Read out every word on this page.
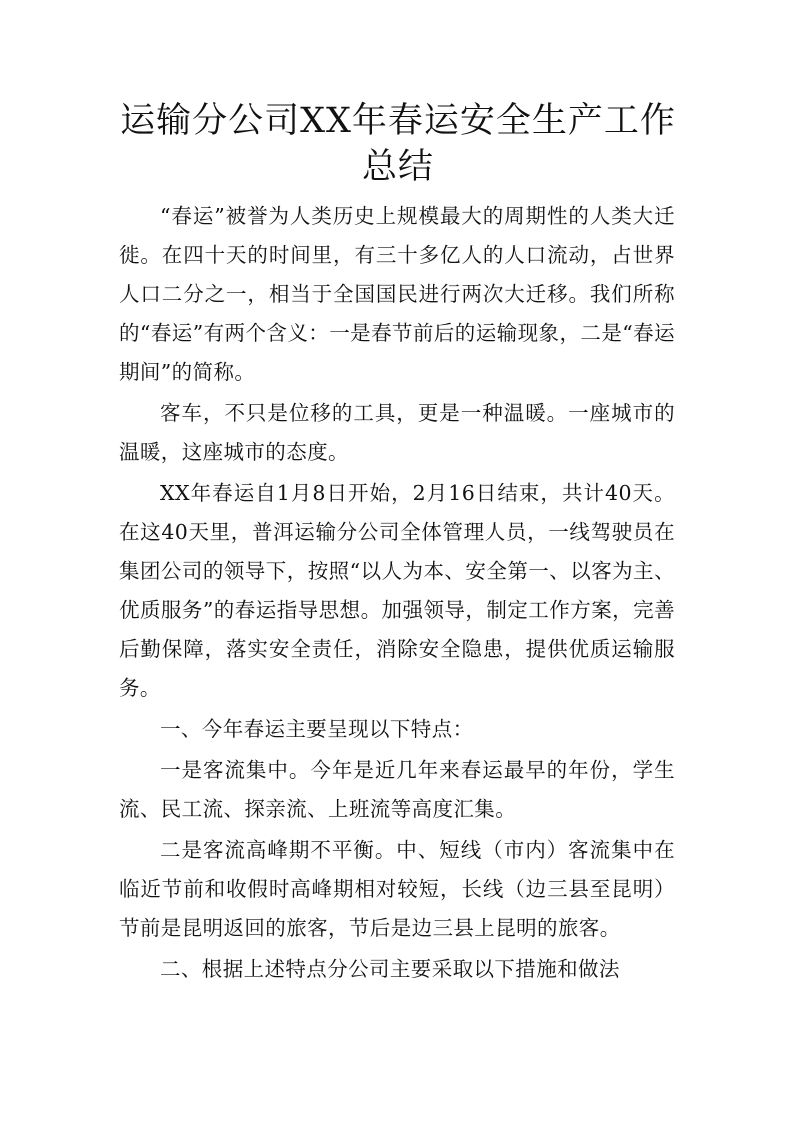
运输分公司XX年春运安全生产工作总结

“春运”被誉为人类历史上规模最大的周期性的人类大迁徙。在四十天的时间里，有三十多亿人的人口流动，占世界人口二分之一，相当于全国国民进行两次大迁移。我们所称的“春运”有两个含义：一是春节前后的运输现象，二是“春运期间”的简称。

客车，不只是位移的工具，更是一种温暖。一座城市的温暖，这座城市的态度。

XX年春运自1月8日开始，2月16日结束，共计40天。在这40天里，普洱运输分公司全体管理人员，一线驾驶员在集团公司的领导下，按照“以人为本、安全第一、以客为主、优质服务”的春运指导思想。加强领导，制定工作方案，完善后勤保障，落实安全责任，消除安全隐患，提供优质运输服务。

一、今年春运主要呈现以下特点：

一是客流集中。今年是近几年来春运最早的年份，学生流、民工流、探亲流、上班流等高度汇集。

二是客流高峰期不平衡。中、短线（市内）客流集中在临近节前和收假时高峰期相对较短，长线（边三县至昆明）节前是昆明返回的旅客，节后是边三县上昆明的旅客。

二、根据上述特点分公司主要采取以下措施和做法
